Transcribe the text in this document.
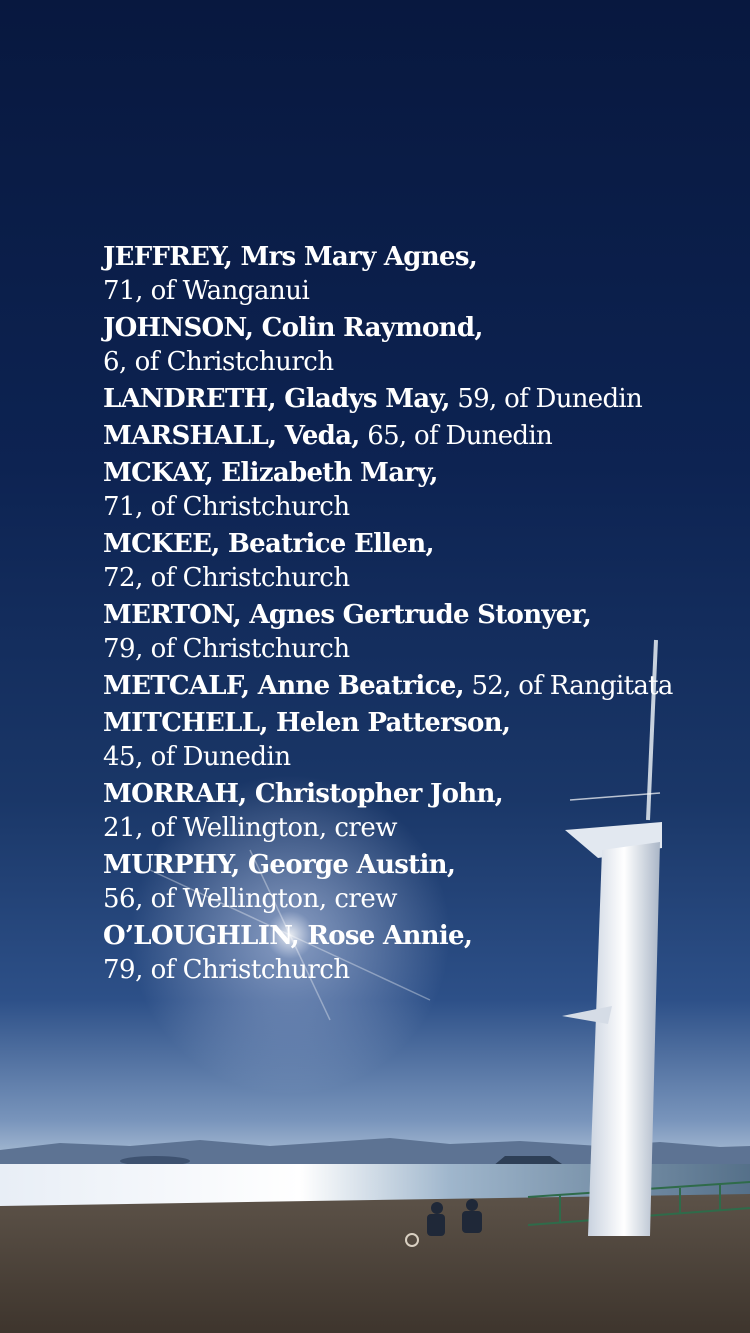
JEFFREY, Mrs Mary Agnes,
71, of Wanganui
JOHNSON, Colin Raymond,
6, of Christchurch
LANDRETH, Gladys May, 59, of Dunedin
MARSHALL, Veda, 65, of Dunedin
MCKAY, Elizabeth Mary,
71, of Christchurch
MCKEE, Beatrice Ellen,
72, of Christchurch
MERTON, Agnes Gertrude Stonyer,
79, of Christchurch
METCALF, Anne Beatrice, 52, of Rangitata
MITCHELL, Helen Patterson,
45, of Dunedin
MORRAH, Christopher John,
21, of Wellington, crew
MURPHY, George Austin,
56, of Wellington, crew
O’LOUGHLIN, Rose Annie,
79, of Christchurch
